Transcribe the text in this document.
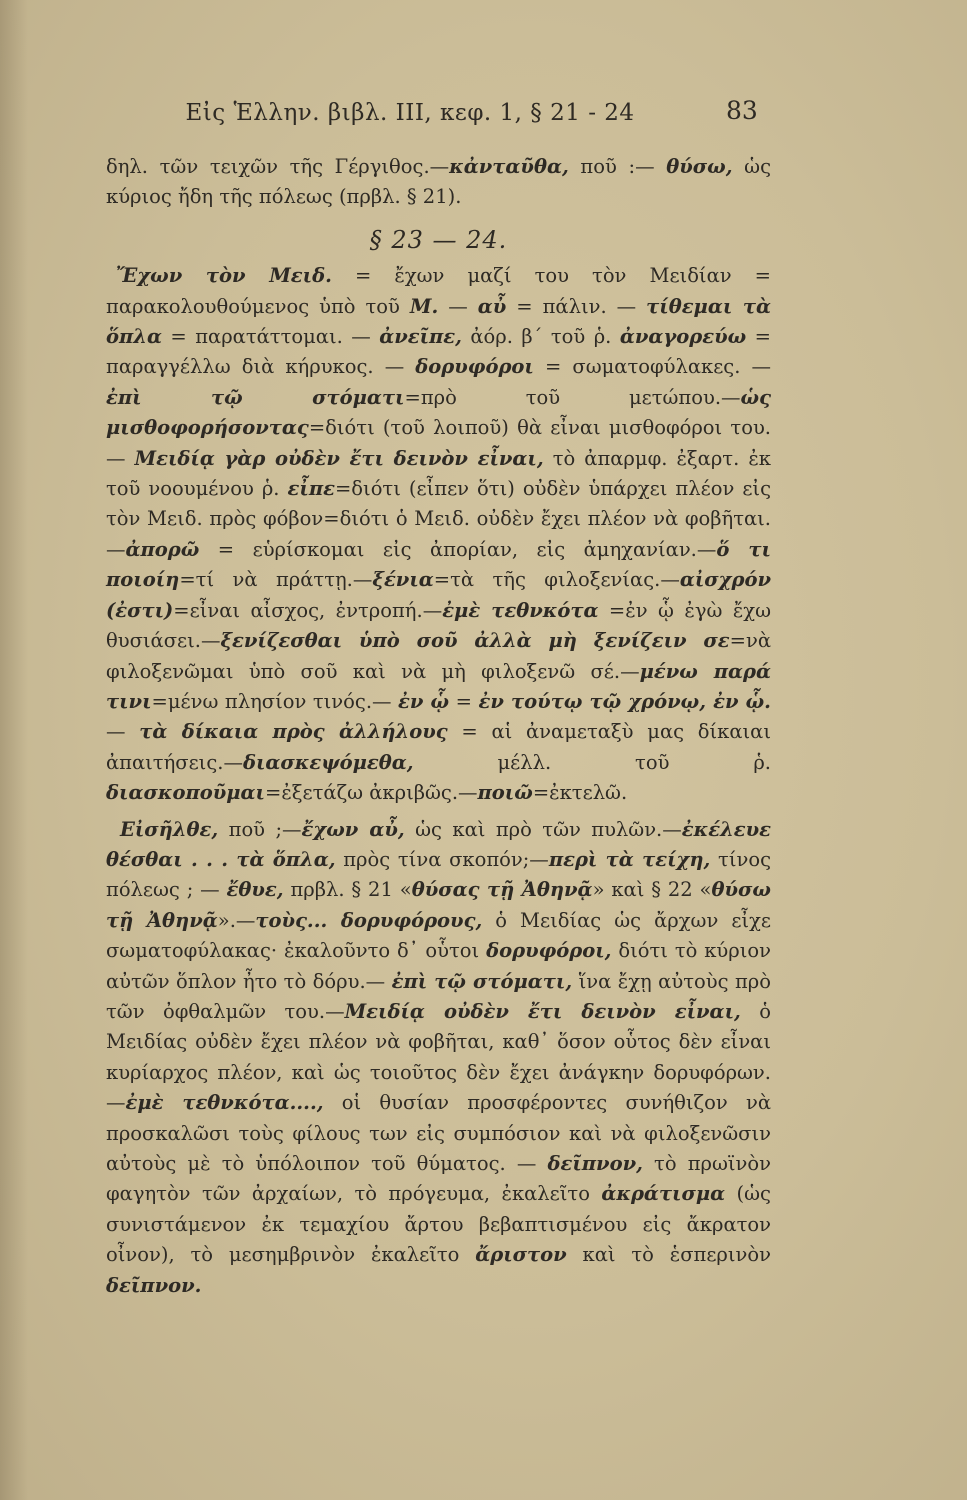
Εἰς Ἑλλην. βιβλ. ΙΙΙ, κεφ. 1, § 21 - 24	83

δηλ. τῶν τειχῶν τῆς Γέργιθος.—κἀνταῦθα, ποῦ :— θύσω, ὡς κύριος ἤδη τῆς πόλεως (πρβλ. § 21).

§ 23 — 24.

Ἔχων τὸν Μειδ. = ἔχων μαζί του τὸν Μειδίαν = παρακολουθούμενος ὑπὸ τοῦ Μ. — αὖ = πάλιν. — τίθεμαι τὰ ὅπλα = παρατάττομαι. — ἀνεῖπε, ἀόρ. β΄ τοῦ ῥ. ἀναγορεύω = παραγγέλλω διὰ κήρυκος. — δορυφόροι = σωματοφύλακες. — ἐπὶ τῷ στόματι=πρὸ τοῦ μετώπου.—ὡς μισθοφορήσοντας=διότι (τοῦ λοιποῦ) θὰ εἶναι μισθοφόροι του.— Μειδίᾳ γὰρ οὐδὲν ἔτι δεινὸν εἶναι, τὸ ἀπαρμφ. ἐξαρτ. ἐκ τοῦ νοουμένου ῥ. εἶπε=διότι (εἶπεν ὅτι) οὐδὲν ὑπάρχει πλέον εἰς τὸν Μειδ. πρὸς φόβον=διότι ὁ Μειδ. οὐδὲν ἔχει πλέον νὰ φοβῆται.—ἀπορῶ = εὑρίσκομαι εἰς ἀπορίαν, εἰς ἀμηχανίαν.—ὅ τι ποιοίη=τί νὰ πράττῃ.—ξένια=τὰ τῆς φιλοξενίας.—αἰσχρόν (ἐστι)=εἶναι αἶσχος, ἐντροπή.—ἐμὲ τεθνκότα =ἐν ᾧ ἐγὼ ἔχω θυσιάσει.—ξενίζεσθαι ὑπὸ σοῦ ἀλλὰ μὴ ξενίζειν σε=νὰ φιλοξενῶμαι ὑπὸ σοῦ καὶ νὰ μὴ φιλοξενῶ σέ.—μένω παρά τινι=μένω πλησίον τινός.— ἐν ᾧ = ἐν τούτῳ τῷ χρόνῳ, ἐν ᾧ.— τὰ δίκαια πρὸς ἀλλήλους = αἱ ἀναμεταξὺ μας δίκαιαι ἀπαιτήσεις.—διασκεψόμεθα, μέλλ. τοῦ ῥ. διασκοποῦμαι=ἐξετάζω ἀκριβῶς.—ποιῶ=ἐκτελῶ.

Εἰσῆλθε, ποῦ ;—ἔχων αὖ, ὡς καὶ πρὸ τῶν πυλῶν.—ἐκέλευε θέσθαι . . . τὰ ὅπλα, πρὸς τίνα σκοπόν;—περὶ τὰ τείχη, τίνος πόλεως ; — ἔθυε, πρβλ. § 21 «θύσας τῇ Ἀθηνᾷ» καὶ § 22 «θύσω τῇ Ἀθηνᾷ».—τοὺς... δορυφόρους, ὁ Μειδίας ὡς ἄρχων εἶχε σωματοφύλακας· ἐκαλοῦντο δ᾽ οὗτοι δορυφόροι, διότι τὸ κύριον αὐτῶν ὅπλον ἦτο τὸ δόρυ.— ἐπὶ τῷ στόματι, ἵνα ἔχῃ αὐτοὺς πρὸ τῶν ὀφθαλμῶν του.—Μειδίᾳ οὐδὲν ἔτι δεινὸν εἶναι, ὁ Μειδίας οὐδὲν ἔχει πλέον νὰ φοβῆται, καθ᾽ ὅσον οὗτος δὲν εἶναι κυρίαρχος πλέον, καὶ ὡς τοιοῦτος δὲν ἔχει ἀνάγκην δορυφόρων. —ἐμὲ τεθνκότα...., οἱ θυσίαν προσφέροντες συνήθιζον νὰ προσκαλῶσι τοὺς φίλους των εἰς συμπόσιον καὶ νὰ φιλοξενῶσιν αὐτοὺς μὲ τὸ ὑπόλοιπον τοῦ θύματος. — δεῖπνον, τὸ πρωϊνὸν φαγητὸν τῶν ἀρχαίων, τὸ πρόγευμα, ἐκαλεῖτο ἀκράτισμα (ὡς συνιστάμενον ἐκ τεμαχίου ἄρτου βεβαπτισμένου εἰς ἄκρατον οἶνον), τὸ μεσημβρινὸν ἐκαλεῖτο ἄριστον καὶ τὸ ἑσπερινὸν δεῖπνον.
